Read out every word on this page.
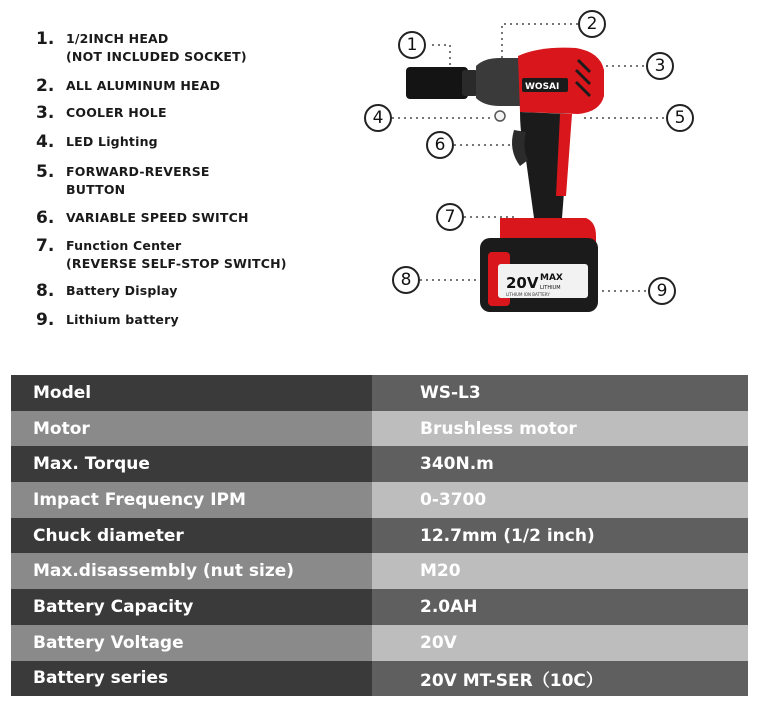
1. 1/2INCH HEAD
(NOT INCLUDED SOCKET)
2. ALL ALUMINUM HEAD
3. COOLER HOLE
4. LED Lighting
5. FORWARD-REVERSE
BUTTON
6. VARIABLE SPEED SWITCH
7. Function Center
(REVERSE SELF-STOP SWITCH)
8. Battery Display
9. Lithium battery
20V MAX
LITHIUM
LITHIUM ION BATTERY
WOSAI
1
2
3
4	5
6
7
8
9
Model	WS-L3
Motor	Brushless motor
Max. Torque	340N.m
Impact Frequency IPM	0-3700
Chuck diameter	12.7mm (1/2 inch)
Max.disassembly (nut size)	M20
Battery Capacity	2.0AH
Battery Voltage	20V
Battery series	20V MT-SER（10C）
